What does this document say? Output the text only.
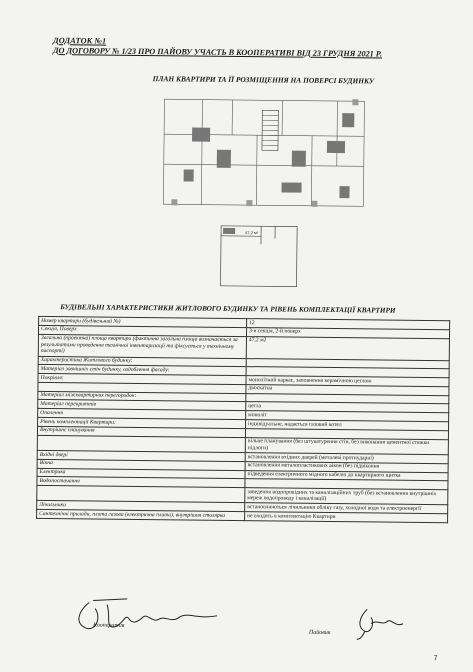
ДОДАТОК №1
ДО ДОГОВОРУ № 1/23 ПРО ПАЙОВУ УЧАСТЬ В КООПЕРАТИВІ ВІД 23 ГРУДНЯ 2021 Р.
ПЛАН КВАРТИРИ ТА ЇЇ РОЗМІЩЕННЯ НА ПОВЕРСІ БУДИНКУ
47,2 м²
БУДІВЕЛЬНІ ХАРАКТЕРИСТИКИ ЖИТЛОВОГО БУДИНКУ ТА РІВЕНЬ КОМПЛЕКТАЦІЇ КВАРТИРИ
Номер квартири (будівельний №)	12
Секція, Поверх	3-я секція, 2-й поверх
Загальна (проектна) площа квартири (фактична загальна площа визначається за результатами проведення технічної інвентаризації та фіксується у технічному паспорті)	47,2 м2
Характеристика Житлового будинку:	
Матеріал зовнішніх стін будинку, оздоблення фасаду:	
Покрівля:	монолітний каркас, заповнення керамічною цеглою
	двоскатна
Матеріал міжквартирних перегородок:	
Матеріал перекриттів	цегла
Опалення	моноліт
Рівень комплектації Квартири:	індивідуальне, надається газовий котел
Внутрішнє планування	
	вільне планування (без штукатурення стін, без виконання цементної стяжки підлоги)
Вхідні двері	встановлення вхідних дверей (металеві протиударні)
Вікна	встановлення металопластикових вікон (без підвіконня
Електрика	підведення електричного мідного кабелю до квартирного щитка
Водопостачання	
	заведення водопровідних та каналізаційних труб (без встановлення внутрішніх мереж водопроводу і каналізації)
Лічильники	встановлюються лічильники обліку газу, холодної води та електроенергії
Сантехнічні прилади, плита газова (електрична плита), внутрішня столярка	не входить в комплектацію Квартири
Кооператив
Пайовик
7
